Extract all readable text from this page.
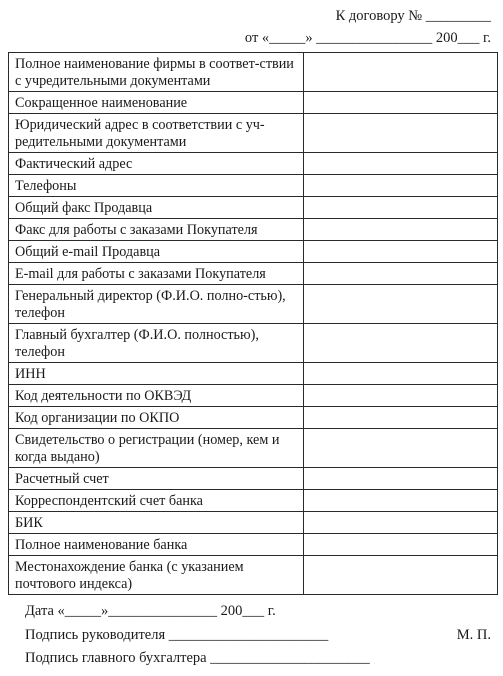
К договору № _________
от «_____» ________________ 200___ г.
Полное наименование фирмы в соответ-ствии с учредительными документами	
Сокращенное наименование	
Юридический адрес в соответствии с уч-редительными документами	
Фактический адрес	
Телефоны	
Общий факс Продавца	
Факс для работы с заказами Покупателя	
Общий e-mail Продавца	
E-mail для работы с заказами Покупателя	
Генеральный директор (Ф.И.О. полно-стью), телефон	
Главный бухгалтер (Ф.И.О. полностью), телефон	
ИНН	
Код деятельности по ОКВЭД	
Код организации по ОКПО	
Свидетельство о регистрации (номер, кем и когда выдано)	
Расчетный счет	
Корреспондентский счет банка	
БИК	
Полное наименование банка	
Местонахождение банка (с указанием почтового индекса)	
Дата «_____»_______________ 200___ г.
Подпись руководителя ______________________
Подпись главного бухгалтера ______________________
М. П.
